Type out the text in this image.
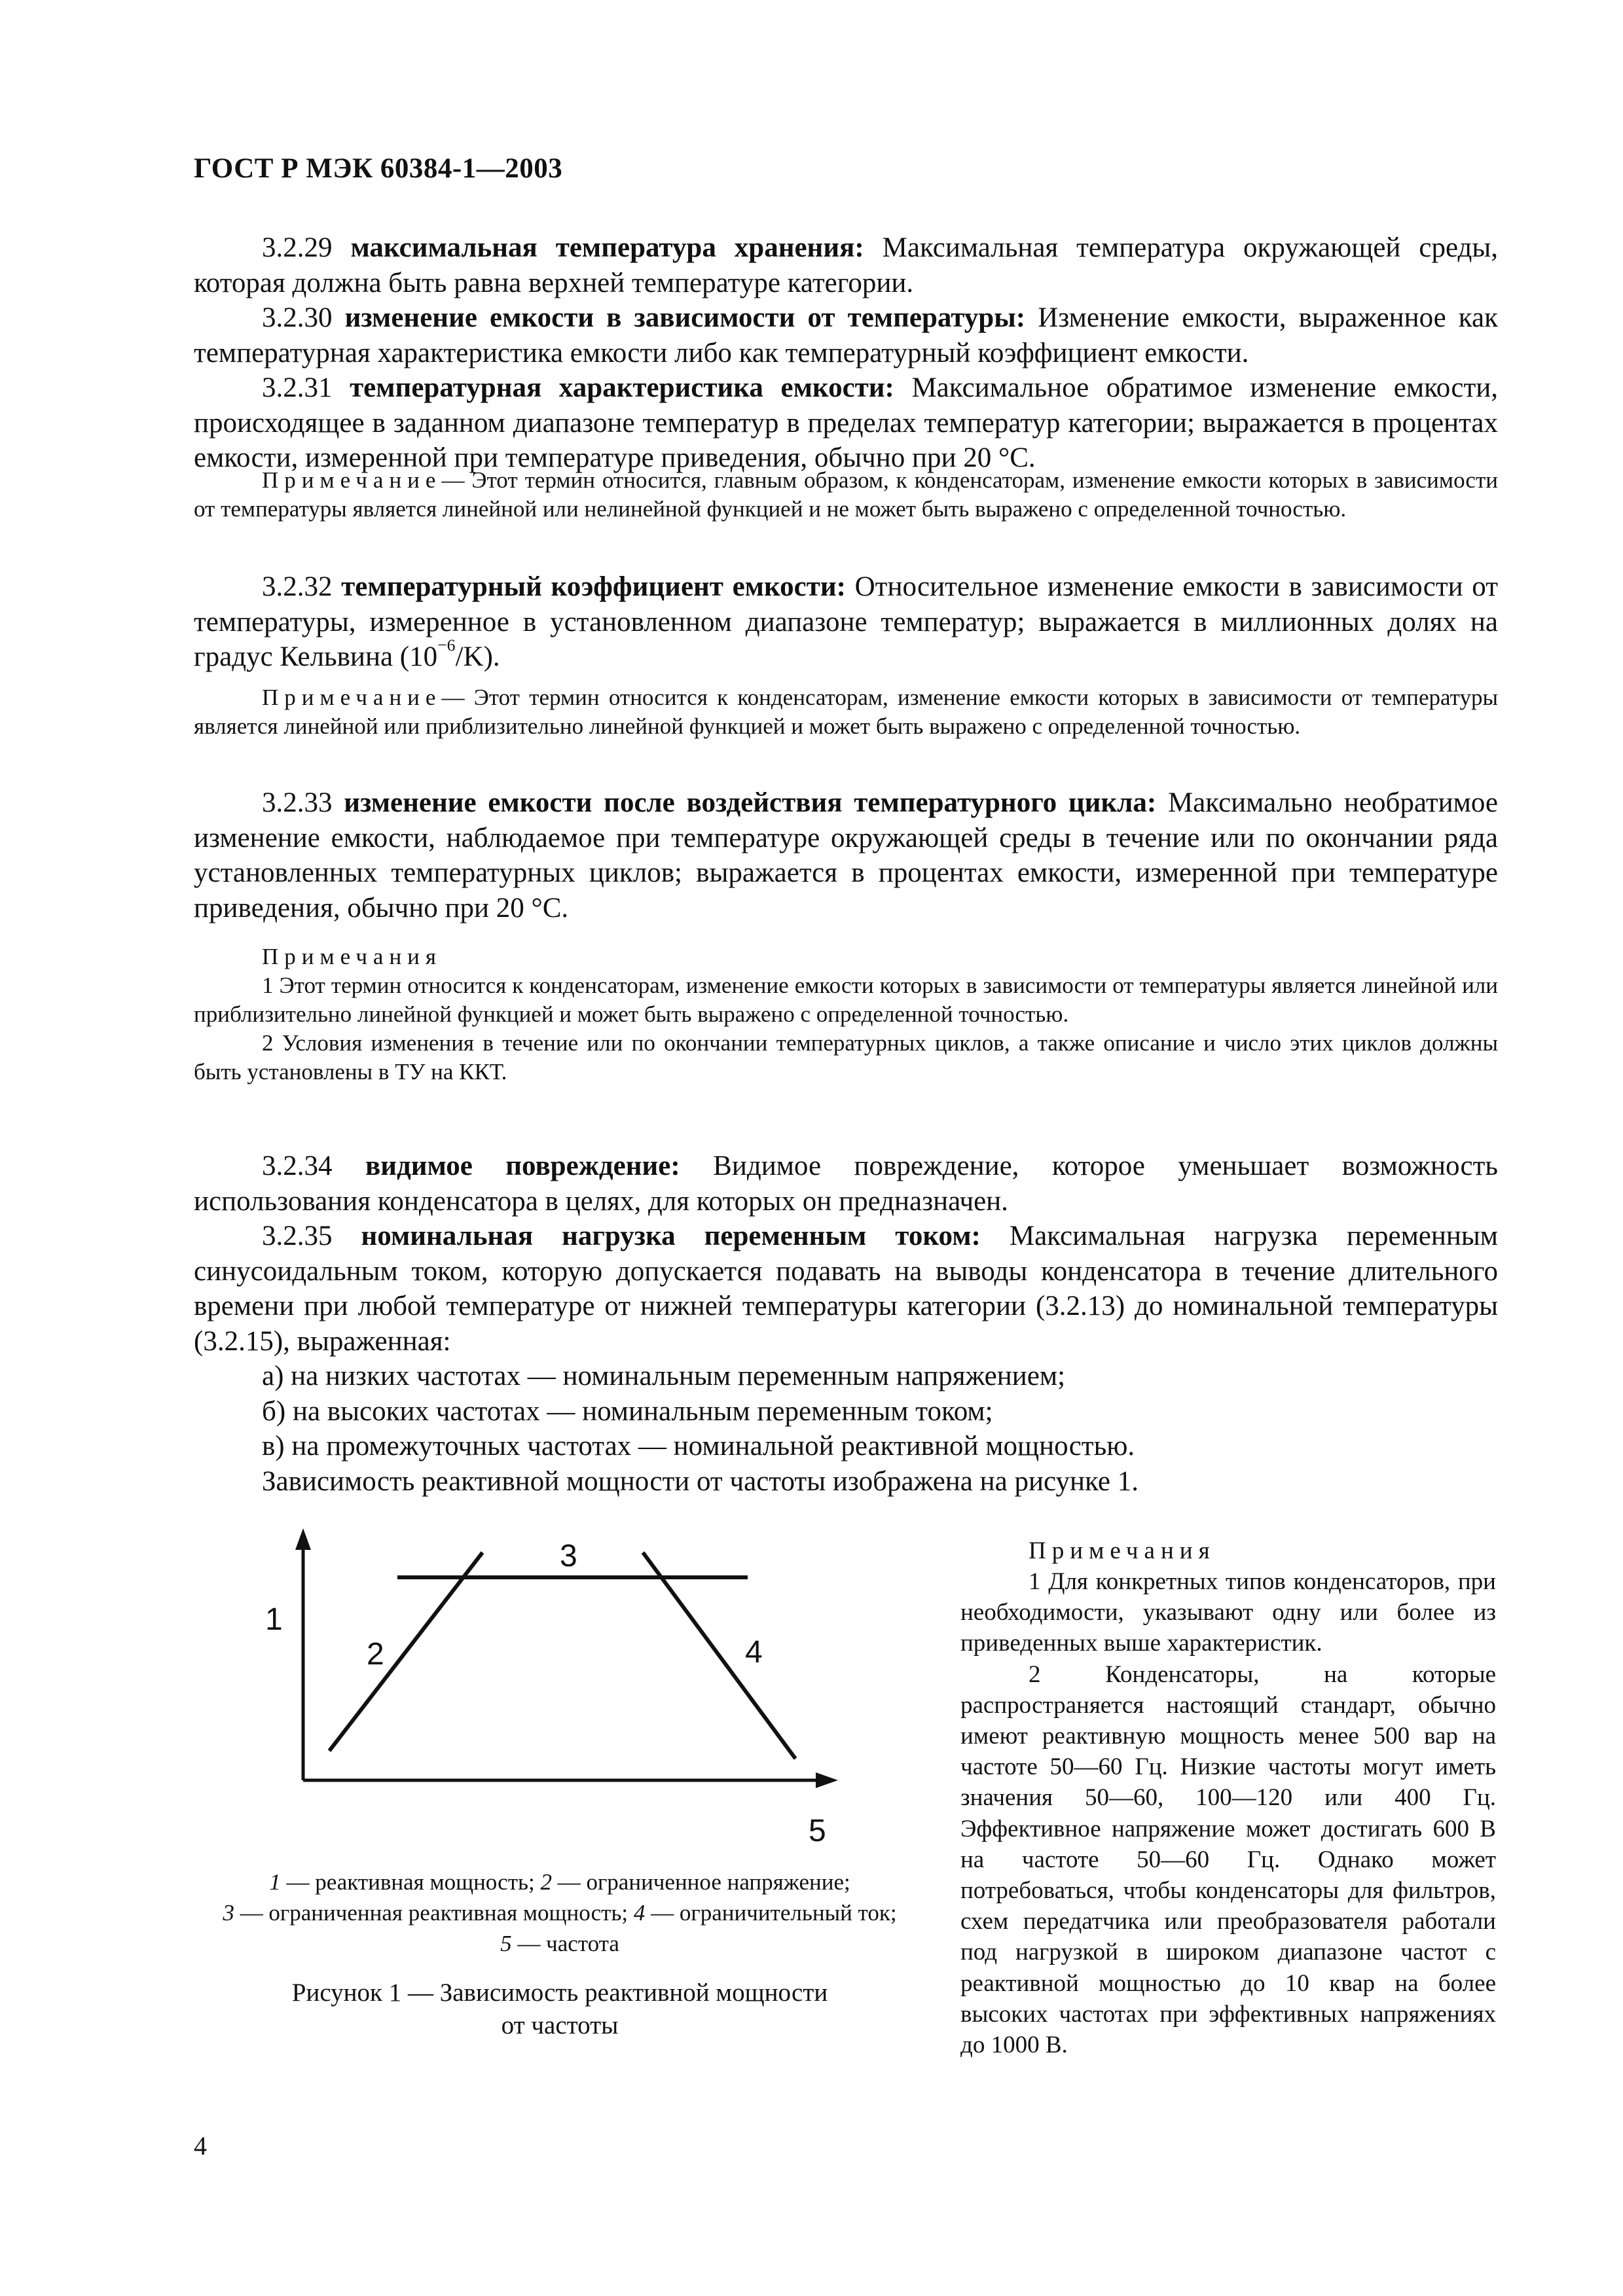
ГОСТ Р МЭК 60384-1—2003

3.2.29 максимальная температура хранения: Максимальная температура окружающей среды, которая должна быть равна верхней температуре категории.

3.2.30 изменение емкости в зависимости от температуры: Изменение емкости, выраженное как температурная характеристика емкости либо как температурный коэффициент емкости.

3.2.31 температурная характеристика емкости: Максимальное обратимое изменение емкости, происходящее в заданном диапазоне температур в пределах температур категории; выражается в процентах емкости, измеренной при температуре приведения, обычно при 20 °С.

Примечание— Этот термин относится, главным образом, к конденсаторам, изменение емкости которых в зависимости от температуры является линейной или нелинейной функцией и не может быть выражено с определенной точностью.

3.2.32 температурный коэффициент емкости: Относительное изменение емкости в зависимости от температуры, измеренное в установленном диапазоне температур; выражается в миллионных долях на градус Кельвина $(10^{-6}/K)$.

Примечание— Этот термин относится к конденсаторам, изменение емкости которых в зависимости от температуры является линейной или приблизительно линейной функцией и может быть выражено с определенной точностью.

3.2.33 изменение емкости после воздействия температурного цикла: Максимально необратимое изменение емкости, наблюдаемое при температуре окружающей среды в течение или по окончании ряда установленных температурных циклов; выражается в процентах емкости, измеренной при температуре приведения, обычно при 20 °С.

Примечания

1 Этот термин относится к конденсаторам, изменение емкости которых в зависимости от температуры является линейной или приблизительно линейной функцией и может быть выражено с определенной точностью.

2 Условия изменения в течение или по окончании температурных циклов, а также описание и число этих циклов должны быть установлены в ТУ на ККТ.

3.2.34 видимое повреждение: Видимое повреждение, которое уменьшает возможность использования конденсатора в целях, для которых он предназначен.

3.2.35 номинальная нагрузка переменным током: Максимальная нагрузка переменным синусоидальным током, которую допускается подавать на выводы конденсатора в течение длительного времени при любой температуре от нижней температуры категории (3.2.13) до номинальной температуры (3.2.15), выраженная:

а) на низких частотах — номинальным переменным напряжением;

б) на высоких частотах — номинальным переменным током;

в) на промежуточных частотах — номинальной реактивной мощностью.

Зависимость реактивной мощности от частоты изображена на рисунке 1.

1
2
3
4
5
1 — реактивная мощность; 2 — ограниченное напряжение;
3 — ограниченная реактивная мощность; 4 — ограничительный ток;
5 — частота
Рисунок 1 — Зависимость реактивной мощности
от частоты
Примечания

1 Для конкретных типов конденсаторов, при необходимости, указывают одну или более из приведенных выше характеристик.

2 Конденсаторы, на которые распространяется настоящий стандарт, обычно имеют реактивную мощность менее 500 вар на частоте 50—60 Гц. Низкие частоты могут иметь значения 50—60, 100—120 или 400 Гц. Эффективное напряжение может достигать 600 В на частоте 50—60 Гц. Однако может потребоваться, чтобы конденсаторы для фильтров, схем передатчика или преобразователя работали под нагрузкой в широком диапазоне частот с реактивной мощностью до 10 квар на более высоких частотах при эффективных напряжениях до 1000 В.

4
